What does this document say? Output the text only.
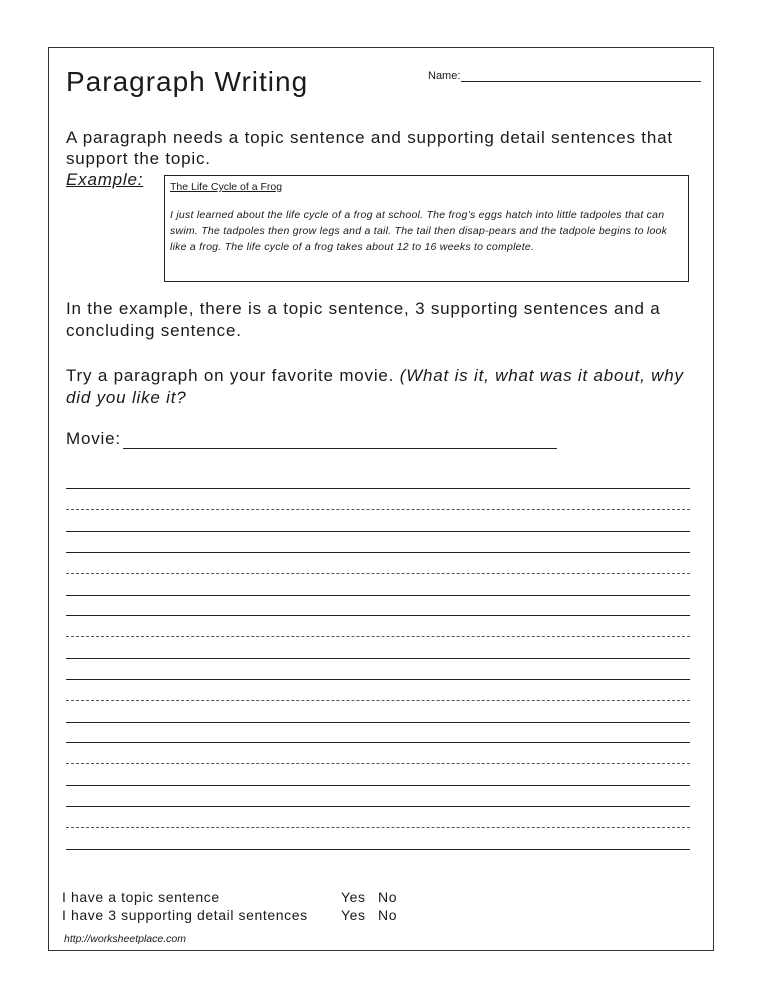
Paragraph Writing	Name:

A paragraph needs a topic sentence and supporting detail sentences that support the topic.

Example:	The Life Cycle of a Frog

I just learned about the life cycle of a frog at school. The frog’s eggs hatch into little tadpoles that can swim. The tadpoles then grow legs and a tail. The tail then disap-pears and the tadpole begins to look like a frog. The life cycle of a frog takes about 12 to 16 weeks to complete.

In the example, there is a topic sentence, 3 supporting sentences and a concluding sentence.

Try a paragraph on your favorite movie. (What is it, what was it about, why did you like it?

Movie:
I have a topic sentence	Yes No
I have 3 supporting detail sentences Yes No
http://worksheetplace.com
